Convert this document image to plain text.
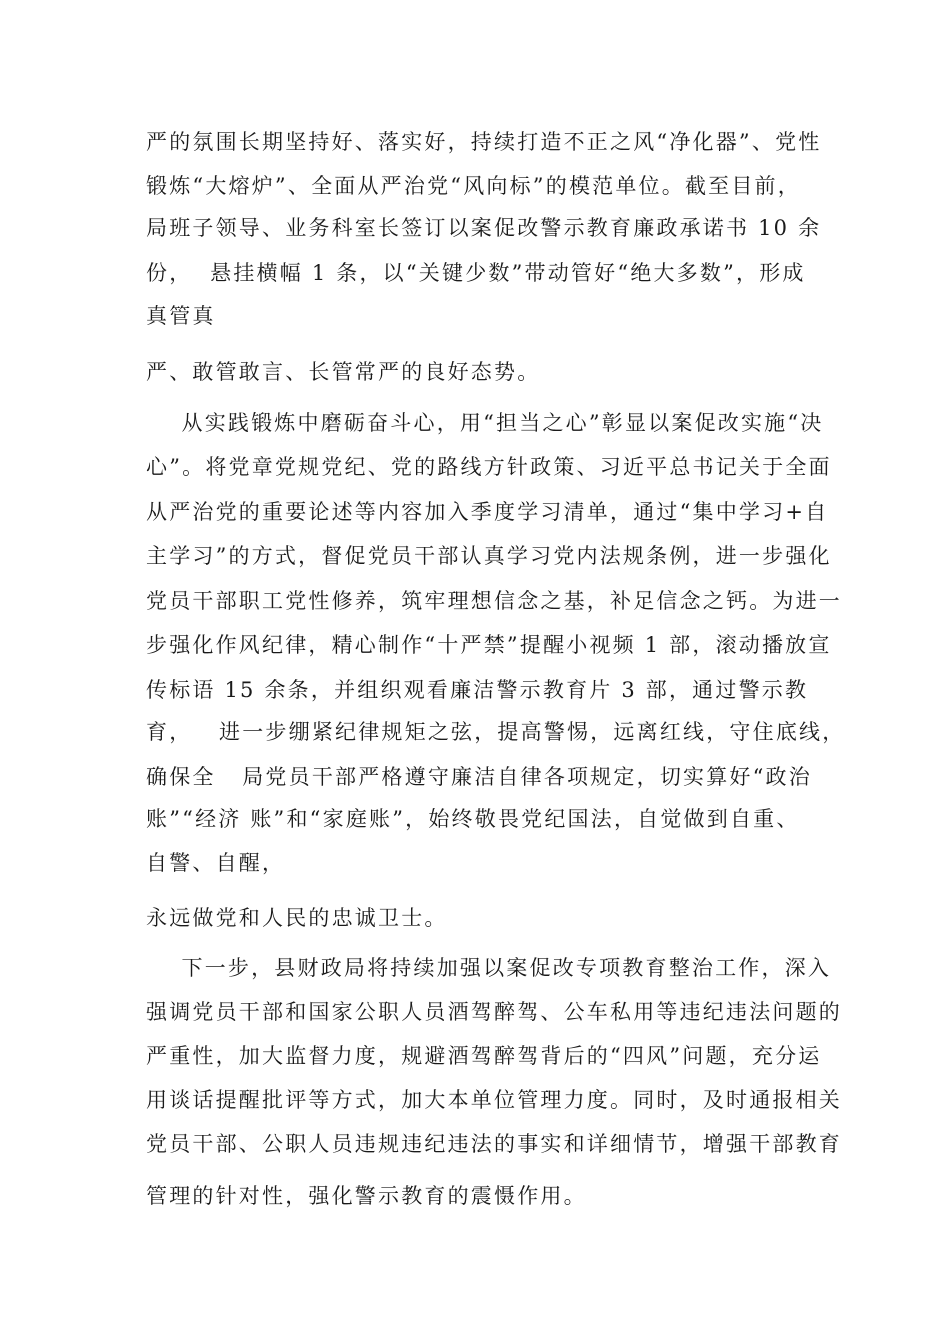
严的氛围长期坚持好、落实好，持续打造不正之风“净化器”、党性
锻炼“大熔炉”、全面从严治党“风向标”的模范单位。截至目前，
局班子领导、业务科室长签订以案促改警示教育廉政承诺书 10 余
份，  悬挂横幅 1 条，以“关键少数”带动管好“绝大多数”，形成
真管真
严、敢管敢言、长管常严的良好态势。
从实践锻炼中磨砺奋斗心，用“担当之心”彰显以案促改实施“决
心”。将党章党规党纪、党的路线方针政策、习近平总书记关于全面
从严治党的重要论述等内容加入季度学习清单，通过“集中学习+自
主学习”的方式，督促党员干部认真学习党内法规条例，进一步强化
党员干部职工党性修养，筑牢理想信念之基，补足信念之钙。为进一
步强化作风纪律，精心制作“十严禁”提醒小视频 1 部，滚动播放宣
传标语 15 余条，并组织观看廉洁警示教育片 3 部，通过警示教
育，   进一步绷紧纪律规矩之弦，提高警惕，远离红线，守住底线，
确保全   局党员干部严格遵守廉洁自律各项规定，切实算好“政治
账”“经济 账”和“家庭账”，始终敬畏党纪国法，自觉做到自重、
自警、自醒，
永远做党和人民的忠诚卫士。
下一步，县财政局将持续加强以案促改专项教育整治工作，深入
强调党员干部和国家公职人员酒驾醉驾、公车私用等违纪违法问题的
严重性，加大监督力度，规避酒驾醉驾背后的“四风”问题，充分运
用谈话提醒批评等方式，加大本单位管理力度。同时，及时通报相关
党员干部、公职人员违规违纪违法的事实和详细情节，增强干部教育
管理的针对性，强化警示教育的震慑作用。
